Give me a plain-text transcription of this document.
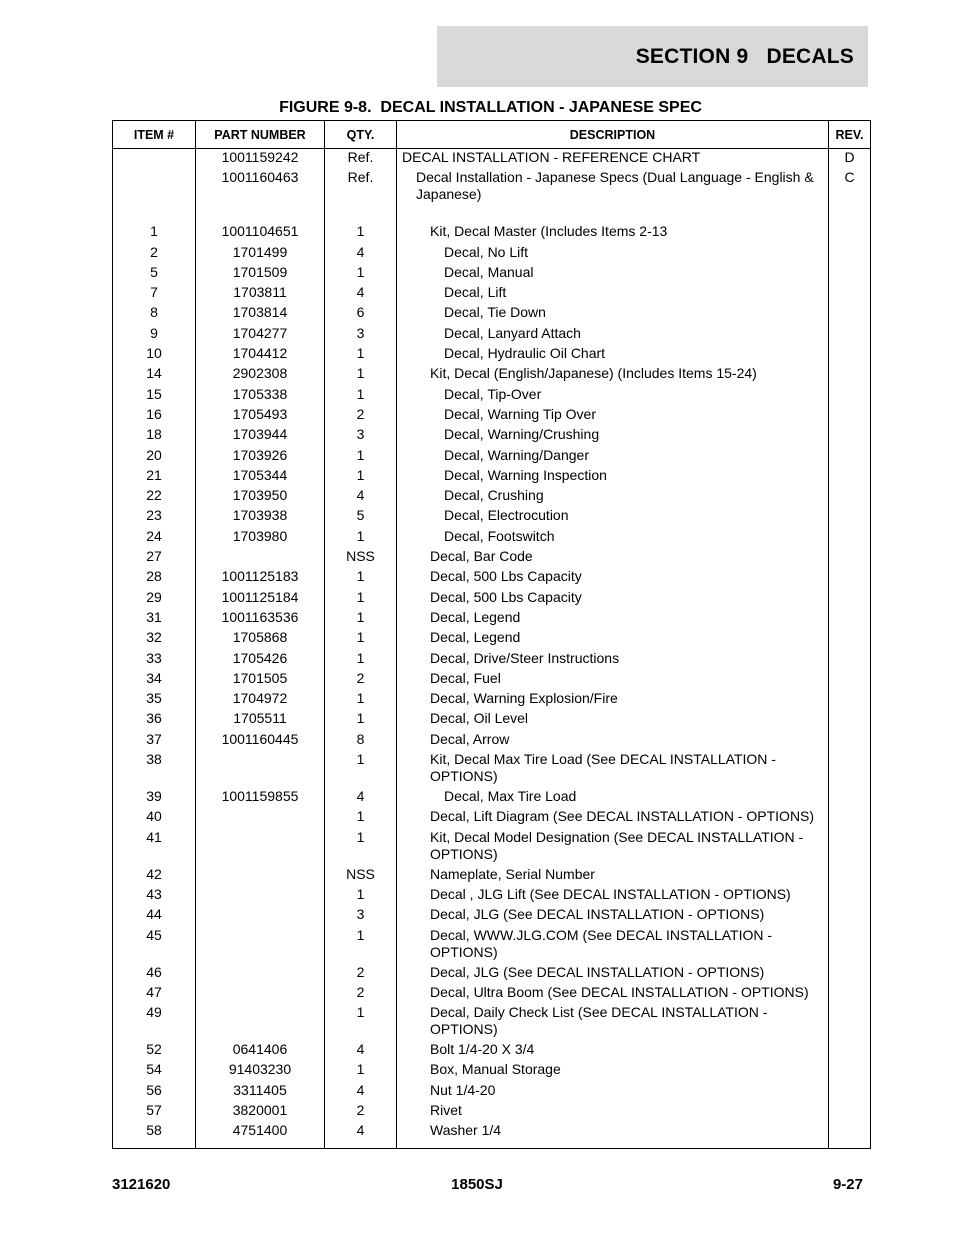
SECTION 9   DECALS
FIGURE 9-8.  DECAL INSTALLATION - JAPANESE SPEC
ITEM #	PART NUMBER	QTY.	DESCRIPTION	REV.
	1001159242	Ref.	DECAL INSTALLATION - REFERENCE CHART	D
	1001160463	Ref.	Decal Installation - Japanese Specs (Dual Language - English & Japanese)	C

1	1001104651	1	Kit, Decal Master (Includes Items 2-13	
2	1701499	4	Decal, No Lift	
5	1701509	1	Decal, Manual	
7	1703811	4	Decal, Lift	
8	1703814	6	Decal, Tie Down	
9	1704277	3	Decal, Lanyard Attach	
10	1704412	1	Decal, Hydraulic Oil Chart	
14	2902308	1	Kit, Decal (English/Japanese) (Includes Items 15-24)	
15	1705338	1	Decal, Tip-Over	
16	1705493	2	Decal, Warning Tip Over	
18	1703944	3	Decal, Warning/Crushing	
20	1703926	1	Decal, Warning/Danger	
21	1705344	1	Decal, Warning Inspection	
22	1703950	4	Decal, Crushing	
23	1703938	5	Decal, Electrocution	
24	1703980	1	Decal, Footswitch	
27		NSS	Decal, Bar Code	
28	1001125183	1	Decal, 500 Lbs Capacity	
29	1001125184	1	Decal, 500 Lbs Capacity	
31	1001163536	1	Decal, Legend	
32	1705868	1	Decal, Legend	
33	1705426	1	Decal, Drive/Steer Instructions	
34	1701505	2	Decal, Fuel	
35	1704972	1	Decal, Warning Explosion/Fire	
36	1705511	1	Decal, Oil Level	
37	1001160445	8	Decal, Arrow	
38		1	Kit, Decal Max Tire Load (See DECAL INSTALLATION - OPTIONS)	
39	1001159855	4	Decal, Max Tire Load	
40		1	Decal, Lift Diagram (See DECAL INSTALLATION - OPTIONS)	
41		1	Kit, Decal Model Designation (See DECAL INSTALLATION - OPTIONS)	
42		NSS	Nameplate, Serial Number	
43		1	Decal , JLG Lift (See DECAL INSTALLATION - OPTIONS)	
44		3	Decal, JLG (See DECAL INSTALLATION - OPTIONS)	
45		1	Decal, WWW.JLG.COM (See DECAL INSTALLATION - OPTIONS)	
46		2	Decal, JLG (See DECAL INSTALLATION - OPTIONS)	
47		2	Decal, Ultra Boom (See DECAL INSTALLATION - OPTIONS)	
49		1	Decal, Daily Check List (See DECAL INSTALLATION - OPTIONS)	
52	0641406	4	Bolt 1/4-20 X 3/4	
54	91403230	1	Box, Manual Storage	
56	3311405	4	Nut 1/4-20	
57	3820001	2	Rivet	
58	4751400	4	Washer 1/4	
3121620	1850SJ	9-27
